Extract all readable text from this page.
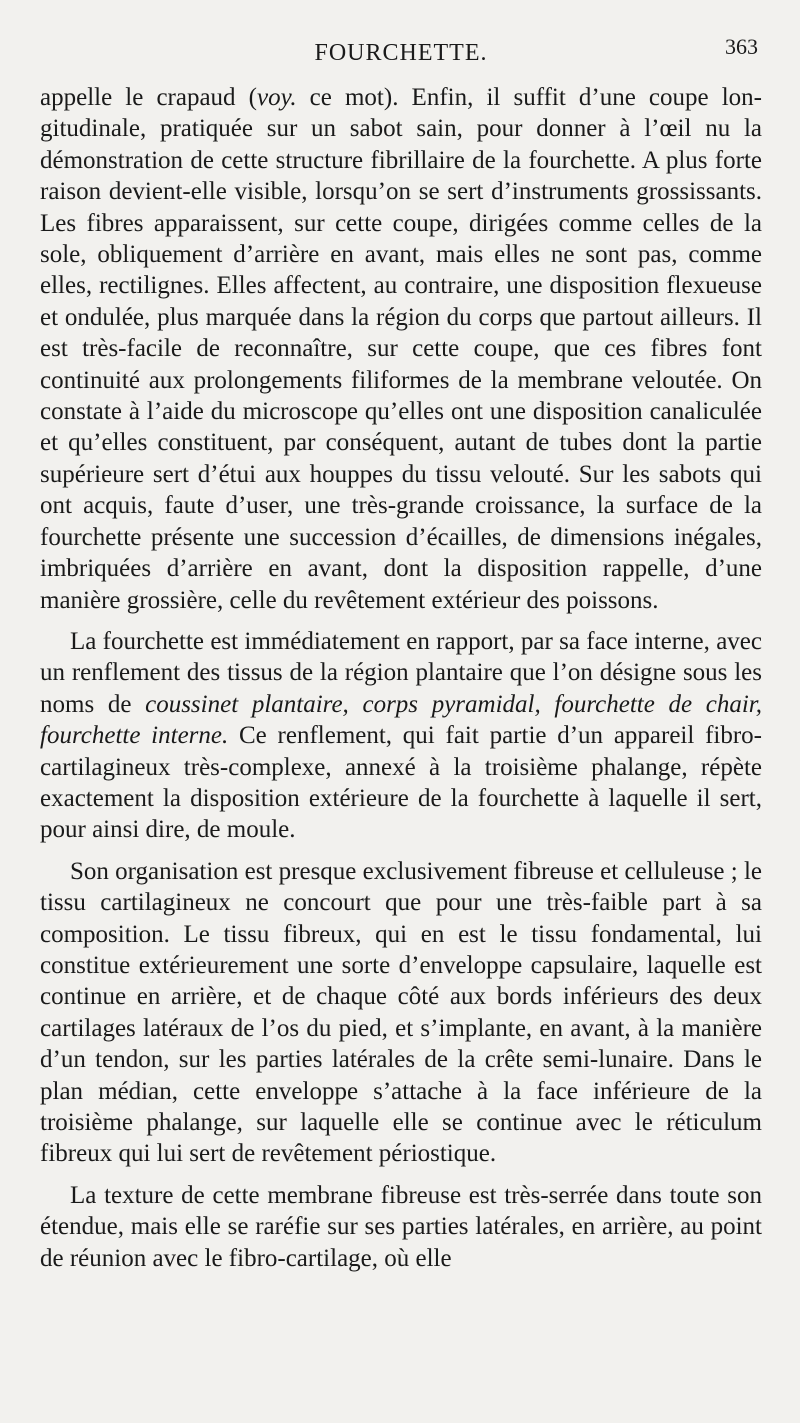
FOURCHETTE.	363

appelle le crapaud (voy. ce mot). Enfin, il suffit d’une coupe longitudinale, pratiquée sur un sabot sain, pour donner à l’œil nu la démonstration de cette structure fibrillaire de la fourchette. A plus forte raison devient-elle visible, lorsqu’on se sert d’instruments grossissants. Les fibres apparaissent, sur cette coupe, dirigées comme celles de la sole, obliquement d’arrière en avant, mais elles ne sont pas, comme elles, rectilignes. Elles affectent, au contraire, une disposition flexueuse et ondulée, plus marquée dans la région du corps que partout ailleurs. Il est très-facile de reconnaître, sur cette coupe, que ces fibres font continuité aux prolongements filiformes de la membrane veloutée. On constate à l’aide du microscope qu’elles ont une disposition canaliculée et qu’elles constituent, par conséquent, autant de tubes dont la partie supérieure sert d’étui aux houppes du tissu velouté. Sur les sabots qui ont acquis, faute d’user, une très-grande croissance, la surface de la fourchette présente une succession d’écailles, de dimensions inégales, imbriquées d’arrière en avant, dont la disposition rappelle, d’une manière grossière, celle du revêtement extérieur des poissons.

La fourchette est immédiatement en rapport, par sa face interne, avec un renflement des tissus de la région plantaire que l’on désigne sous les noms de coussinet plantaire, corps pyramidal, fourchette de chair, fourchette interne. Ce renflement, qui fait partie d’un appareil fibro-cartilagineux très-complexe, annexé à la troisième phalange, répète exactement la disposition extérieure de la fourchette à laquelle il sert, pour ainsi dire, de moule.

Son organisation est presque exclusivement fibreuse et celluleuse ; le tissu cartilagineux ne concourt que pour une très-faible part à sa composition. Le tissu fibreux, qui en est le tissu fondamental, lui constitue extérieurement une sorte d’enveloppe capsulaire, laquelle est continue en arrière, et de chaque côté aux bords inférieurs des deux cartilages latéraux de l’os du pied, et s’implante, en avant, à la manière d’un tendon, sur les parties latérales de la crête semi-lunaire. Dans le plan médian, cette enveloppe s’attache à la face inférieure de la troisième phalange, sur laquelle elle se continue avec le réticulum fibreux qui lui sert de revêtement périostique.

La texture de cette membrane fibreuse est très-serrée dans toute son étendue, mais elle se raréfie sur ses parties latérales, en arrière, au point de réunion avec le fibro-cartilage, où elle
